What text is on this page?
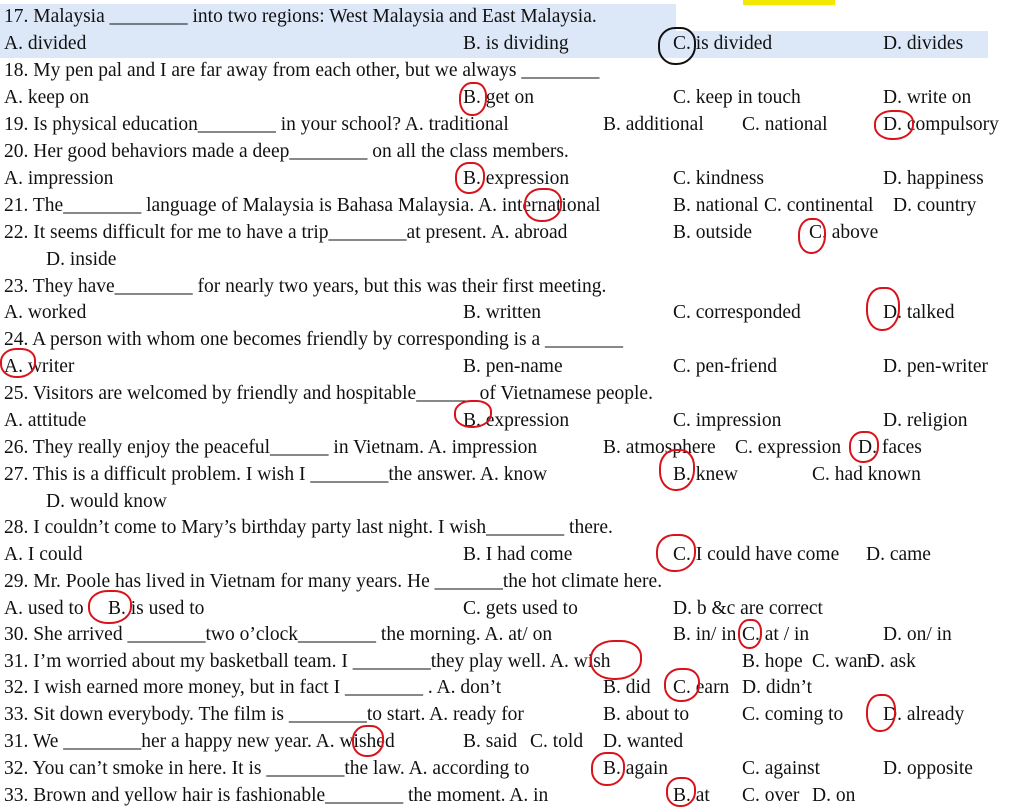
17. Malaysia ________ into two regions: West Malaysia and East Malaysia.
A. divided	B. is dividing	C. is divided	D. divides
18. My pen pal and I are far away from each other, but we always ________
A. keep on	B. get on	C. keep in touch	D. write on
19. Is physical education________ in your school? A. traditional	B. additional C. national	D. compulsory
20. Her good behaviors made a deep________ on all the class members.
A. impression	B. expression	C. kindness	D. happiness
21. The________ language of Malaysia is Bahasa Malaysia. A. international	B. national C. continental D. country
22. It seems difficult for me to have a trip________at present. A. abroad	B. outside	C. above
D. inside
23. They have________ for nearly two years, but this was their first meeting.
A. worked	B. written	C. corresponded	D. talked
24. A person with whom one becomes friendly by corresponding is a ________
A. writer	B. pen-name	C. pen-friend	D. pen-writer
25. Visitors are welcomed by friendly and hospitable______ of Vietnamese people.
A. attitude	B. expression	C. impression	D. religion
26. They really enjoy the peaceful______ in Vietnam. A. impression	B. atmosphere C. expression D. faces
27. This is a difficult problem. I wish I ________the answer. A. know	B. knew	C. had known
D. would know
28. I couldn’t come to Mary’s birthday party last night. I wish________ there.
A. I could	B. I had come	C. I could have come D. came
29. Mr. Poole has lived in Vietnam for many years. He _______the hot climate here.
A. used to B. is used to	C. gets used to	D. b &c are correct
30. She arrived ________two o’clock________ the morning. A. at/ on	B. in/ in C. at / in	D. on/ in
31. I’m worried about my basketball team. I ________they play well. A. wish	B. hope C. want
D. ask
32. I wish earned more money, but in fact I ________ . A. don’t	B. did C. earn D. didn’t
33. Sit down everybody. The film is ________to start. A. ready for	B. about to	C. coming to D. already
31. We ________her a happy new year. A. wished	B. said C. told D. wanted
32. You can’t smoke in here. It is ________the law. A. according to	B. again	C. against	D. opposite
33. Brown and yellow hair is fashionable________ the moment. A. in	B. at C. over D. on
